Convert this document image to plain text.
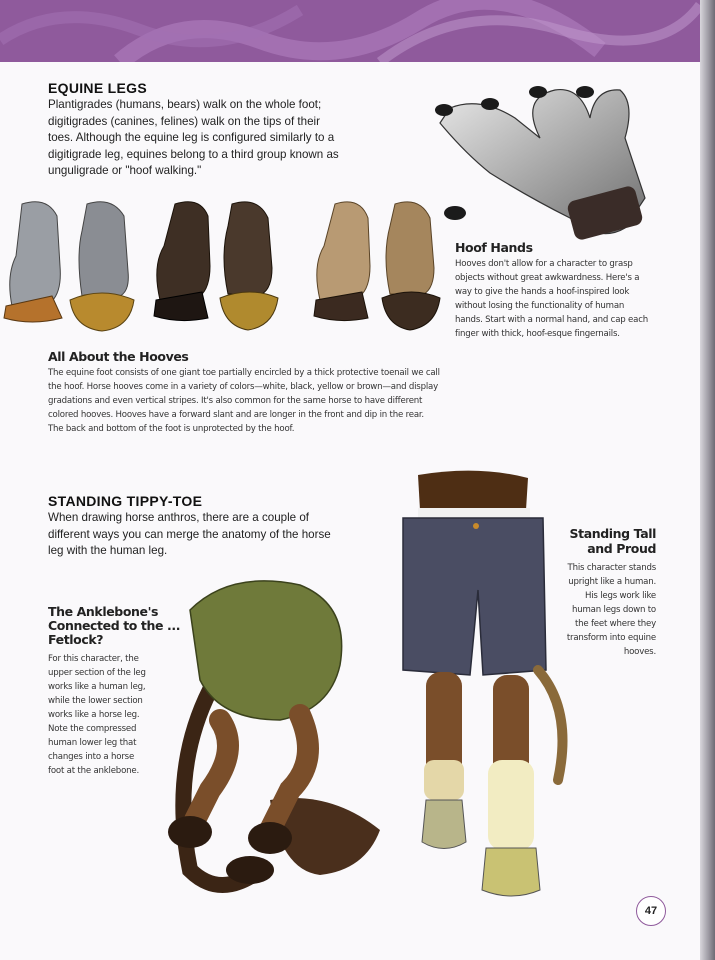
EQUINE LEGS

Plantigrades (humans, bears) walk on the whole foot; digitigrades (canines, felines) walk on the tips of their toes. Although the equine leg is configured similarly to a digitigrade leg, equines belong to a third group known as unguligrade or "hoof walking."

Hoof Hands

Hooves don't allow for a character to grasp objects without great awkwardness. Here's a way to give the hands a hoof-inspired look without losing the functionality of human hands. Start with a normal hand, and cap each finger with thick, hoof-esque fingernails.

All About the Hooves

The equine foot consists of one giant toe partially encircled by a thick protective toenail we call the hoof. Horse hooves come in a variety of colors—white, black, yellow or brown—and display gradations and even vertical stripes. It's also common for the same horse to have different colored hooves. Hooves have a forward slant and are longer in the front and dip in the rear. The back and bottom of the foot is unprotected by the hoof.

STANDING TIPPY-TOE

When drawing horse anthros, there are a couple of different ways you can merge the anatomy of the horse leg with the human leg.

The Anklebone's
Connected to the ...
Fetlock?

For this character, the upper section of the leg works like a human leg, while the lower section works like a horse leg. Note the compressed human lower leg that changes into a horse foot at the anklebone.

Standing Tall
and Proud

This character stands upright like a human. His legs work like human legs down to the feet where they transform into equine hooves.

47
